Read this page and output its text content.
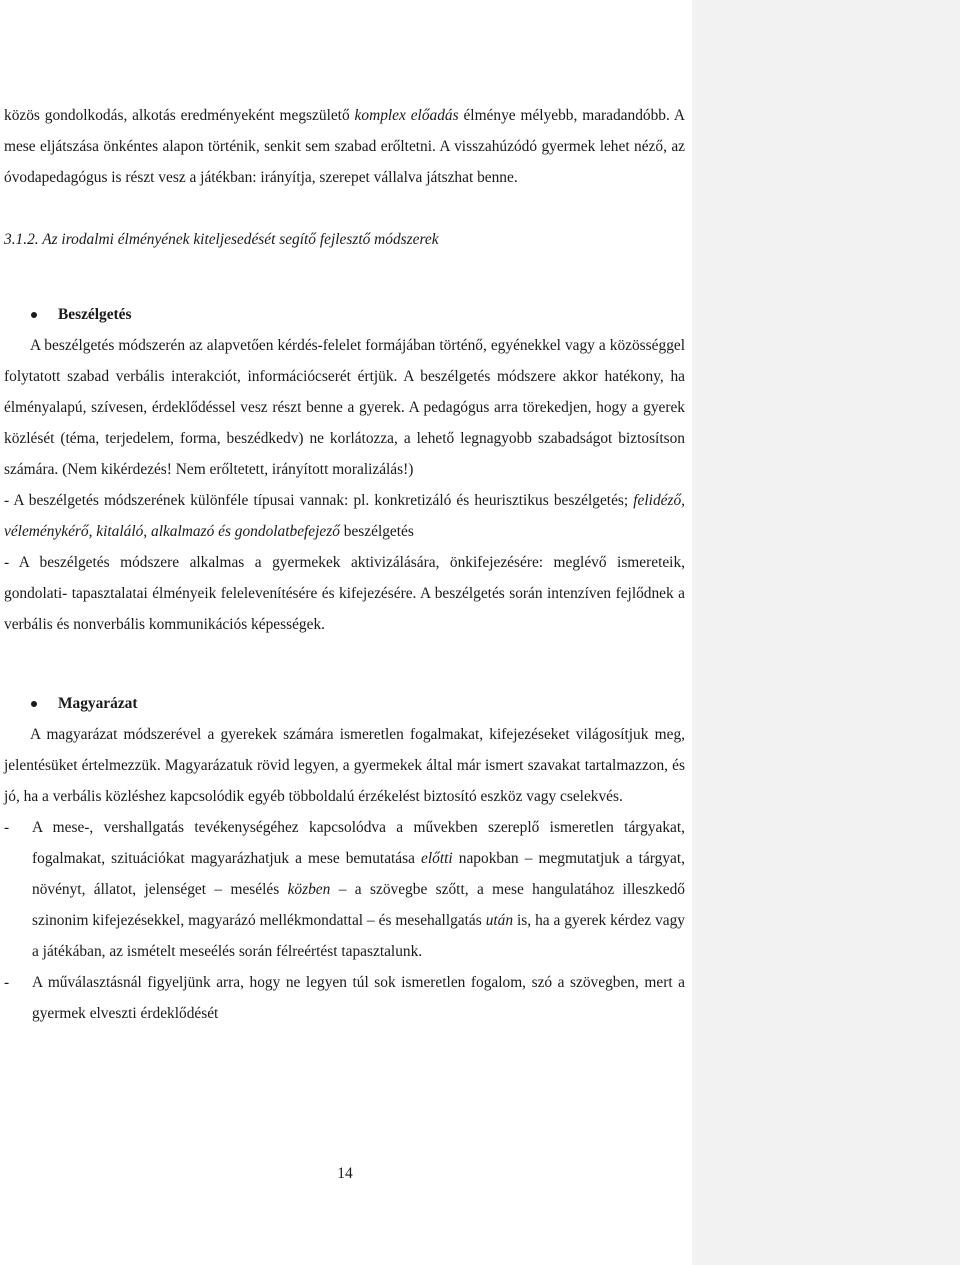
közös gondolkodás, alkotás eredményeként megszülető komplex előadás élménye mélyebb, maradandóbb. A mese eljátszása önkéntes alapon történik, senkit sem szabad erőltetni. A visszahúzódó gyermek lehet néző, az óvodapedagógus is részt vesz a játékban: irányítja, szerepet vállalva játszhat benne.

3.1.2. Az irodalmi élményének kiteljesedését segítő fejlesztő módszerek

Beszélgetés

A beszélgetés módszerén az alapvetően kérdés-felelet formájában történő, egyénekkel vagy a közösséggel folytatott szabad verbális interakciót, információcserét értjük. A beszélgetés módszere akkor hatékony, ha élményalapú, szívesen, érdeklődéssel vesz részt benne a gyerek. A pedagógus arra törekedjen, hogy a gyerek közlését (téma, terjedelem, forma, beszédkedv) ne korlátozza, a lehető legnagyobb szabadságot biztosítson számára. (Nem kikérdezés! Nem erőltetett, irányított moralizálás!)

- A beszélgetés módszerének különféle típusai vannak: pl. konkretizáló és heurisztikus beszélgetés; felidéző, véleménykérő, kitaláló, alkalmazó és gondolatbefejező beszélgetés

- A beszélgetés módszere alkalmas a gyermekek aktivizálására, önkifejezésére: meglévő ismereteik, gondolati- tapasztalatai élményeik felelevenítésére és kifejezésére. A beszélgetés során intenzíven fejlődnek a verbális és nonverbális kommunikációs képességek.

Magyarázat

A magyarázat módszerével a gyerekek számára ismeretlen fogalmakat, kifejezéseket világosítjuk meg, jelentésüket értelmezzük. Magyarázatuk rövid legyen, a gyermekek által már ismert szavakat tartalmazzon, és jó, ha a verbális közléshez kapcsolódik egyéb többoldalú érzékelést biztosító eszköz vagy cselekvés.

- A mese-, vershallgatás tevékenységéhez kapcsolódva a művekben szereplő ismeretlen tárgyakat, fogalmakat, szituációkat magyarázhatjuk a mese bemutatása előtti napokban – megmutatjuk a tárgyat, növényt, állatot, jelenséget – mesélés közben – a szövegbe szőtt, a mese hangulatához illeszkedő szinonim kifejezésekkel, magyarázó mellékmondattal – és mesehallgatás után is, ha a gyerek kérdez vagy a játékában, az ismételt meseélés során félreértést tapasztalunk.

- A műválasztásnál figyeljünk arra, hogy ne legyen túl sok ismeretlen fogalom, szó a szövegben, mert a gyermek elveszti érdeklődését

14
